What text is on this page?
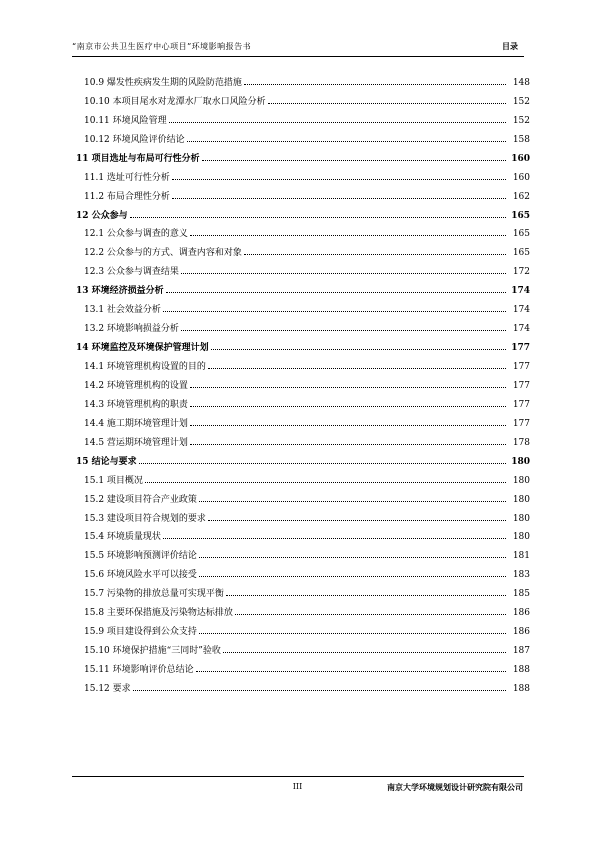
“南京市公共卫生医疗中心项目”环境影响报告书	目录
10.9 爆发性疾病发生期的风险防范措施	148
10.10 本项目尾水对龙潭水厂取水口风险分析	152
10.11 环境风险管理	152
10.12 环境风险评价结论	158
11 项目选址与布局可行性分析	160
11.1 选址可行性分析	160
11.2 布局合理性分析	162
12 公众参与	165
12.1 公众参与调查的意义	165
12.2 公众参与的方式、调查内容和对象	165
12.3 公众参与调查结果	172
13 环境经济损益分析	174
13.1 社会效益分析	174
13.2 环境影响损益分析	174
14 环境监控及环境保护管理计划	177
14.1 环境管理机构设置的目的	177
14.2 环境管理机构的设置	177
14.3 环境管理机构的职责	177
14.4 施工期环境管理计划	177
14.5 营运期环境管理计划	178
15 结论与要求	180
15.1 项目概况	180
15.2 建设项目符合产业政策	180
15.3 建设项目符合规划的要求	180
15.4 环境质量现状	180
15.5 环境影响预测评价结论	181
15.6 环境风险水平可以接受	183
15.7 污染物的排放总量可实现平衡	185
15.8 主要环保措施及污染物达标排放	186
15.9 项目建设得到公众支持	186
15.10 环境保护措施“三同时”验收	187
15.11 环境影响评价总结论	188
15.12 要求	188
III	南京大学环境规划设计研究院有限公司
